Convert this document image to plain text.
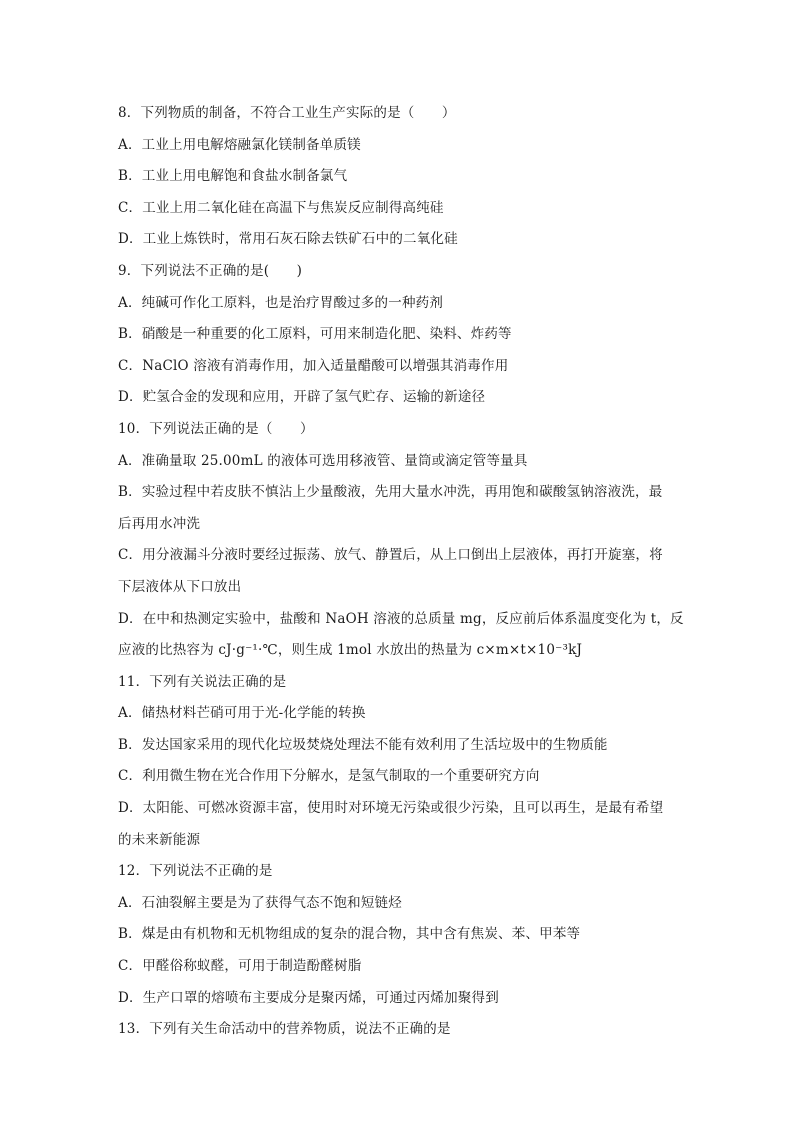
8．下列物质的制备，不符合工业生产实际的是（　　）
A．工业上用电解熔融氯化镁制备单质镁
B．工业上用电解饱和食盐水制备氯气
C．工业上用二氧化硅在高温下与焦炭反应制得高纯硅
D．工业上炼铁时，常用石灰石除去铁矿石中的二氧化硅
9．下列说法不正确的是(　　)
A．纯碱可作化工原料，也是治疗胃酸过多的一种药剂
B．硝酸是一种重要的化工原料，可用来制造化肥、染料、炸药等
C．NaClO 溶液有消毒作用，加入适量醋酸可以增强其消毒作用
D．贮氢合金的发现和应用，开辟了氢气贮存、运输的新途径
10．下列说法正确的是（　　）
A．准确量取 25.00mL 的液体可选用移液管、量筒或滴定管等量具
B．实验过程中若皮肤不慎沾上少量酸液，先用大量水冲洗，再用饱和碳酸氢钠溶液洗，最
后再用水冲洗
C．用分液漏斗分液时要经过振荡、放气、静置后，从上口倒出上层液体，再打开旋塞，将
下层液体从下口放出
D．在中和热测定实验中，盐酸和 NaOH 溶液的总质量 mg，反应前后体系温度变化为 t，反
应液的比热容为 cJ·g⁻¹·℃，则生成 1mol 水放出的热量为 c×m×t×10⁻³kJ
11．下列有关说法正确的是
A．储热材料芒硝可用于光-化学能的转换
B．发达国家采用的现代化垃圾焚烧处理法不能有效利用了生活垃圾中的生物质能
C．利用微生物在光合作用下分解水，是氢气制取的一个重要研究方向
D．太阳能、可燃冰资源丰富，使用时对环境无污染或很少污染，且可以再生，是最有希望
的未来新能源
12．下列说法不正确的是
A．石油裂解主要是为了获得气态不饱和短链烃
B．煤是由有机物和无机物组成的复杂的混合物，其中含有焦炭、苯、甲苯等
C．甲醛俗称蚁醛，可用于制造酚醛树脂
D．生产口罩的熔喷布主要成分是聚丙烯，可通过丙烯加聚得到
13．下列有关生命活动中的营养物质，说法不正确的是
